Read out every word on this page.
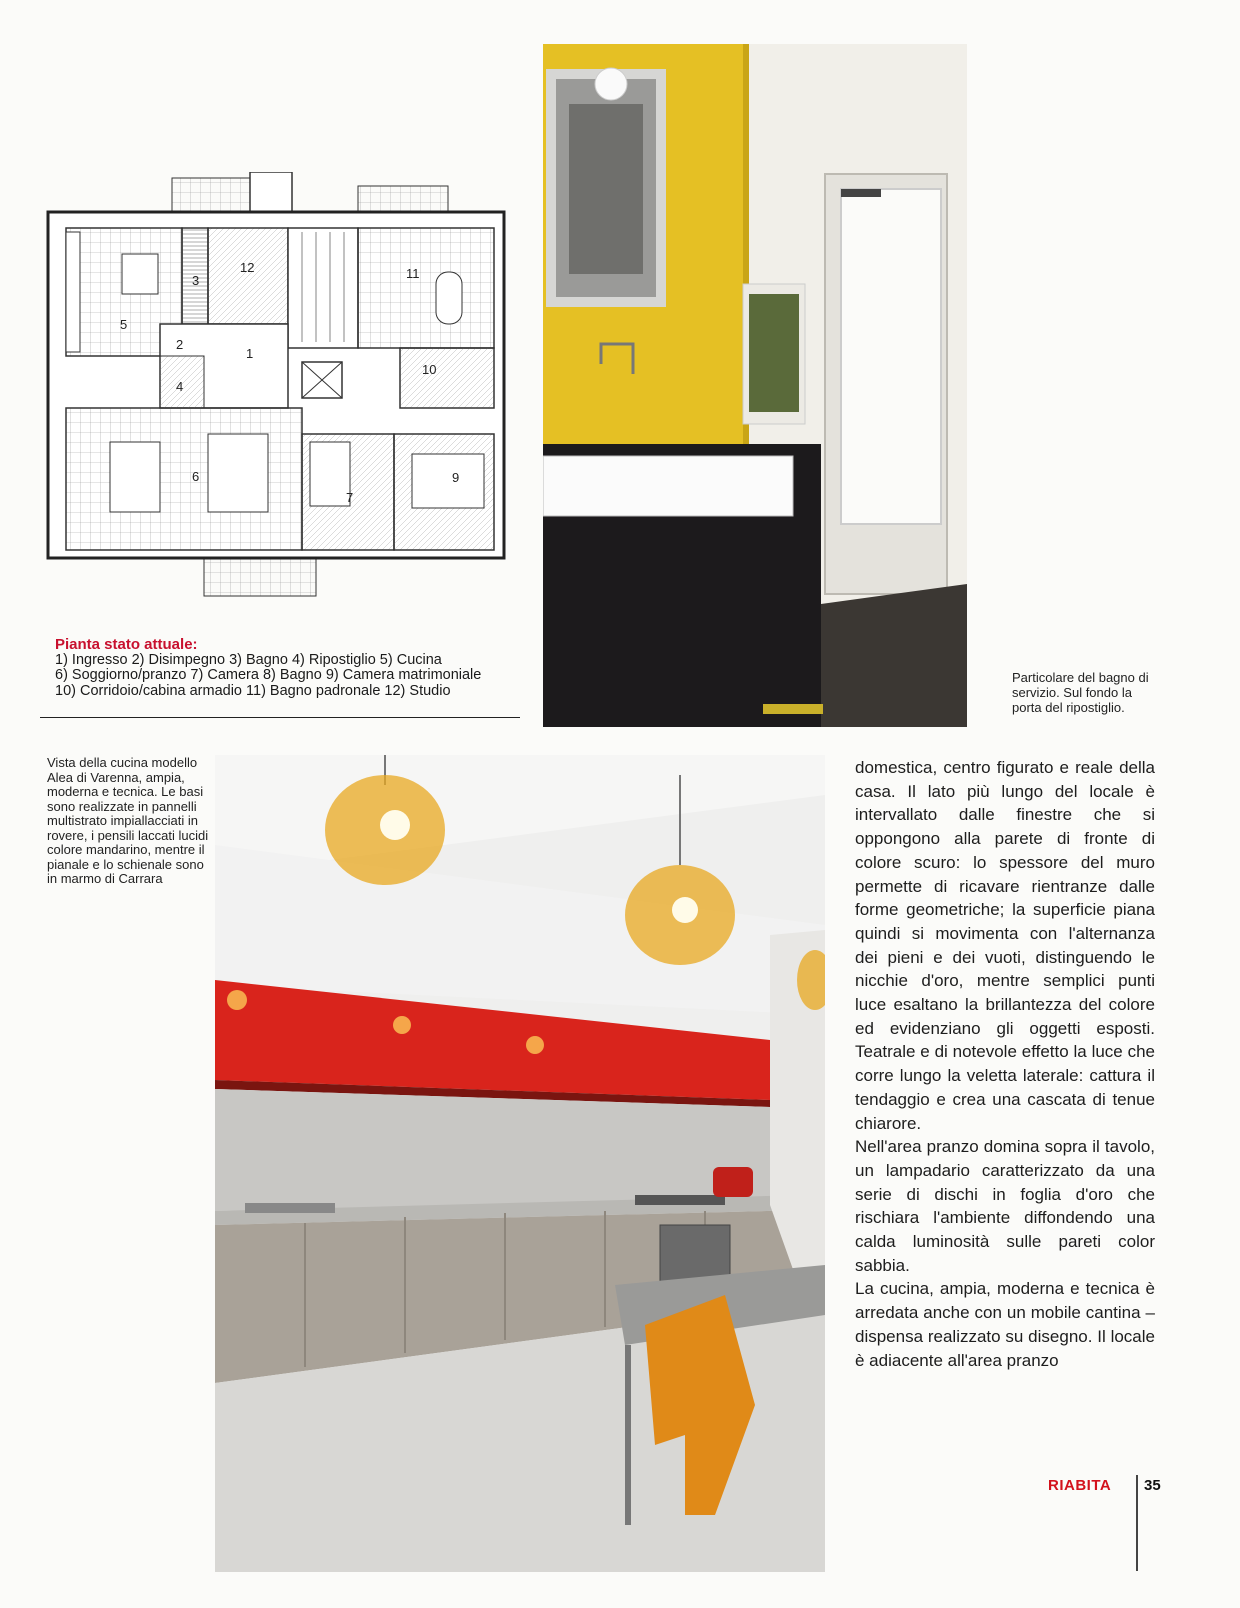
3
12
5
2
1
4
11
10
6
7
9
Pianta stato attuale:
1) Ingresso 2) Disimpegno 3) Bagno 4) Ripostiglio 5) Cucina
6) Soggiorno/pranzo 7) Camera 8) Bagno 9) Camera matrimoniale
10) Corridoio/cabina armadio 11) Bagno padronale 12) Studio
Particolare del bagno di servizio. Sul fondo la porta del ripostiglio.
Vista della cucina modello Alea di Varenna, ampia, moderna e tecnica. Le basi sono realizzate in pannelli multistrato impiallacciati in rovere, i pensili laccati lucidi colore mandarino, mentre il pianale e lo schienale sono in marmo di Carrara

domestica, centro figurato e reale della casa. Il lato più lungo del locale è intervallato dalle finestre che si oppongono alla parete di fronte di colore scuro: lo spessore del muro permette di ricavare rientranze dalle forme geometriche; la superficie piana quindi si movimenta con l'alternanza dei pieni e dei vuoti, distinguendo le nicchie d'oro, mentre semplici punti luce esaltano la brillantezza del colore ed evidenziano gli oggetti esposti. Teatrale e di notevole effetto la luce che corre lungo la veletta laterale: cattura il tendaggio e crea una cascata di tenue chiarore.

Nell'area pranzo domina sopra il tavolo, un lampadario caratterizzato da una serie di dischi in foglia d'oro che rischiara l'ambiente diffondendo una calda luminosità sulle pareti color sabbia.

La cucina, ampia, moderna e tecnica è arredata anche con un mobile cantina – dispensa realizzato su disegno. Il locale è adiacente all'area pranzo

RIABITA 35
